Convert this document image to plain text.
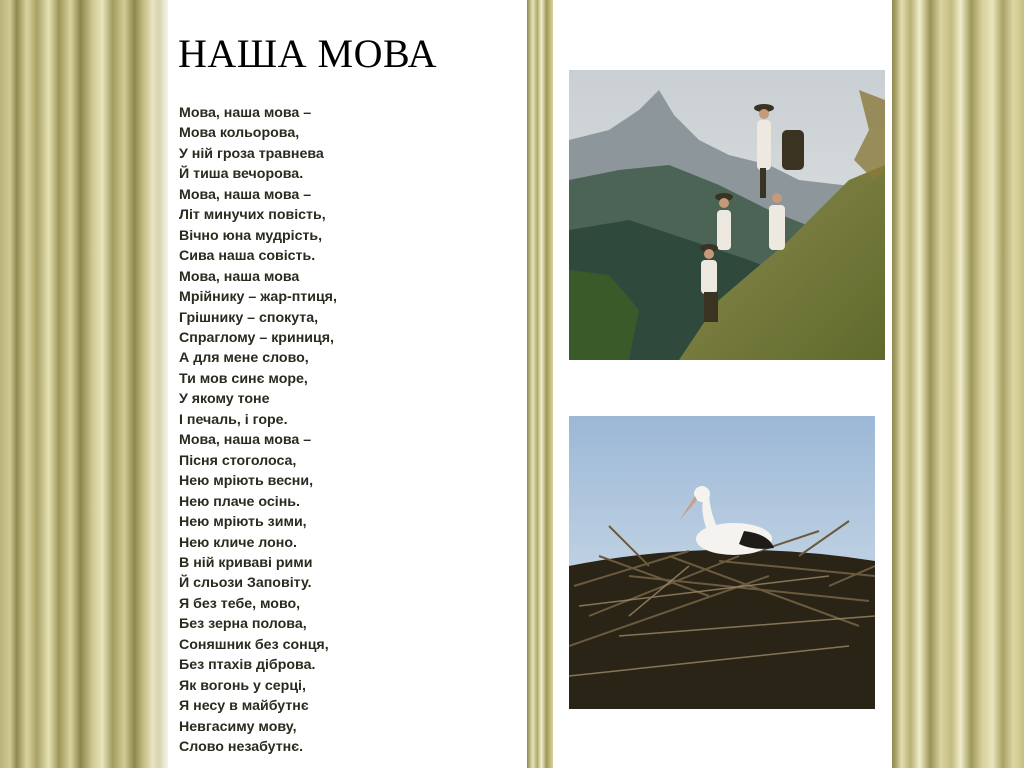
НАША МОВА
Мова, наша мова –
Мова кольорова,
У ній гроза травнева
Й тиша вечорова.
Мова, наша мова –
Літ минучих повість,
Вічно юна мудрість,
Сива наша совість.
Мова, наша мова
Мрійнику – жар-птиця,
Грішнику – спокута,
Спраглому – криниця,
А для мене слово,
Ти мов синє море,
У якому тоне
І печаль, і горе.
Мова, наша мова –
Пісня стоголоса,
Нею мріють весни,
Нею плаче осінь.
Нею мріють зими,
Нею кличе лоно.
В ній криваві рими
Й сльози Заповіту.
Я без тебе, мово,
Без зерна полова,
Соняшник без сонця,
Без птахів діброва.
Як вогонь у серці,
Я несу в майбутнє
Невгасиму мову,
Слово незабутнє.
